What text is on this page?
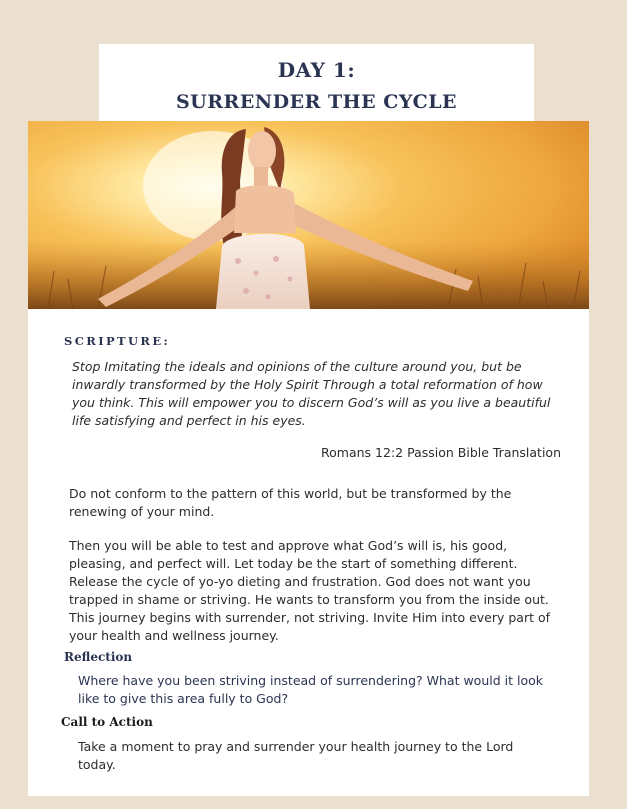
DAY 1:
SURRENDER THE CYCLE
SCRIPTURE:
Stop Imitating the ideals and opinions of the culture around you, but be inwardly transformed by the Holy Spirit Through a total reformation of how you think. This will empower you to discern God’s will as you live a beautiful life satisfying and perfect in his eyes.
Romans 12:2 Passion Bible Translation
Do not conform to the pattern of this world, but be transformed by the renewing of your mind.
Then you will be able to test and approve what God’s will is, his good, pleasing, and perfect will. Let today be the start of something different. Release the cycle of yo-yo dieting and frustration. God does not want you trapped in shame or striving. He wants to transform you from the inside out. This journey begins with surrender, not striving. Invite Him into every part of your health and wellness journey.
Reflection
Where have you been striving instead of surrendering? What would it look like to give this area fully to God?
Call to Action
Take a moment to pray and surrender your health journey to the Lord today.
